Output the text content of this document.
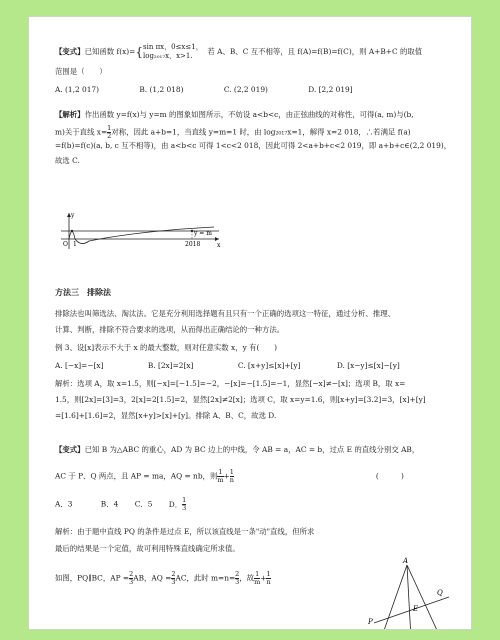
【变式】已知函数 f(x)={ sin πx，0≤x≤1，
log₂₀₁₇x，x>1.	若 A、B、C 互不相等，且 f(A)=f(B)=f(C)，则 A+B+C 的取值
范围是（　　）
A. (1,2 017)	B. (1,2 018)	C. (2,2 019)	D. [2,2 019]
【解析】作出函数 y=f(x)与 y=m 的图象如图所示，不妨设 a<b<c，由正弦曲线的对称性，可得(a, m)与(b,
m)关于直线 $x= \frac{1}{2}$ 对称，因此 a+b=1，当直线 y=m=1 时，由 log₂₀₁₇x=1，解得 x=2 018，∴若满足 f(a)
=f(b)=f(c)(a, b, c 互不相等)，由 a<b<c 可得 1<c<2 018，因此可得 2<a+b+c<2 019，即 a+b+c∈(2,2 019)，
故选 C.
y
x
O 1	2018
y = m
A
E
P
Q
方法三　排除法
排除法也叫筛选法、淘汰法。它是充分利用选择题有且只有一个正确的选项这一特征，通过分析、推理、
计算、判断，排除不符合要求的选项，从而得出正确结论的一种方法。
例 3、设[x]表示不大于 x 的最大整数，则对任意实数 x，y 有(　　)
A. [−x]=−[x]	B. [2x]=2[x]	C. [x+y]≤[x]+[y]	D. [x−y]≤[x]−[y]
解析：选项 A，取 x=1.5，则[−x]=[−1.5]=−2，−[x]=−[1.5]=−1，显然[−x]≠−[x]；选项 B，取 x=
1.5，则[2x]=[3]=3，2[x]=2[1.5]=2，显然[2x]≠2[x]；选项 C，取 x=y=1.6，则[x+y]=[3.2]=3，[x]+[y]
=[1.6]+[1.6]=2，显然[x+y]>[x]+[y]。排除 A、B、C，故选 D.
【变式】已知 B 为△ABC 的重心，AD 为 BC 边上的中线，令 AB = a，AC = b，过点 E 的直线分别交 AB，
AC 于 P、Q 两点，且 AP = ma，AQ = nb，则 $\frac{1}{m} + \frac{1}{n}$	(　　　)
A．3	B．4 C．5 D． $\frac{1}{3}$
解析：由于题中直线 PQ 的条件是过点 E，所以该直线是一条"动"直线，但所求
最后的结果是一个定值，故可利用特殊直线确定所求值。
如图，PQ∥BC，AP = $\frac{2}{3}$ AB，AQ = $\frac{2}{3}$ AC，此时 $m=n= \frac{2}{3}$ ，故 $\frac{1}{m} + \frac{1}{n}$
